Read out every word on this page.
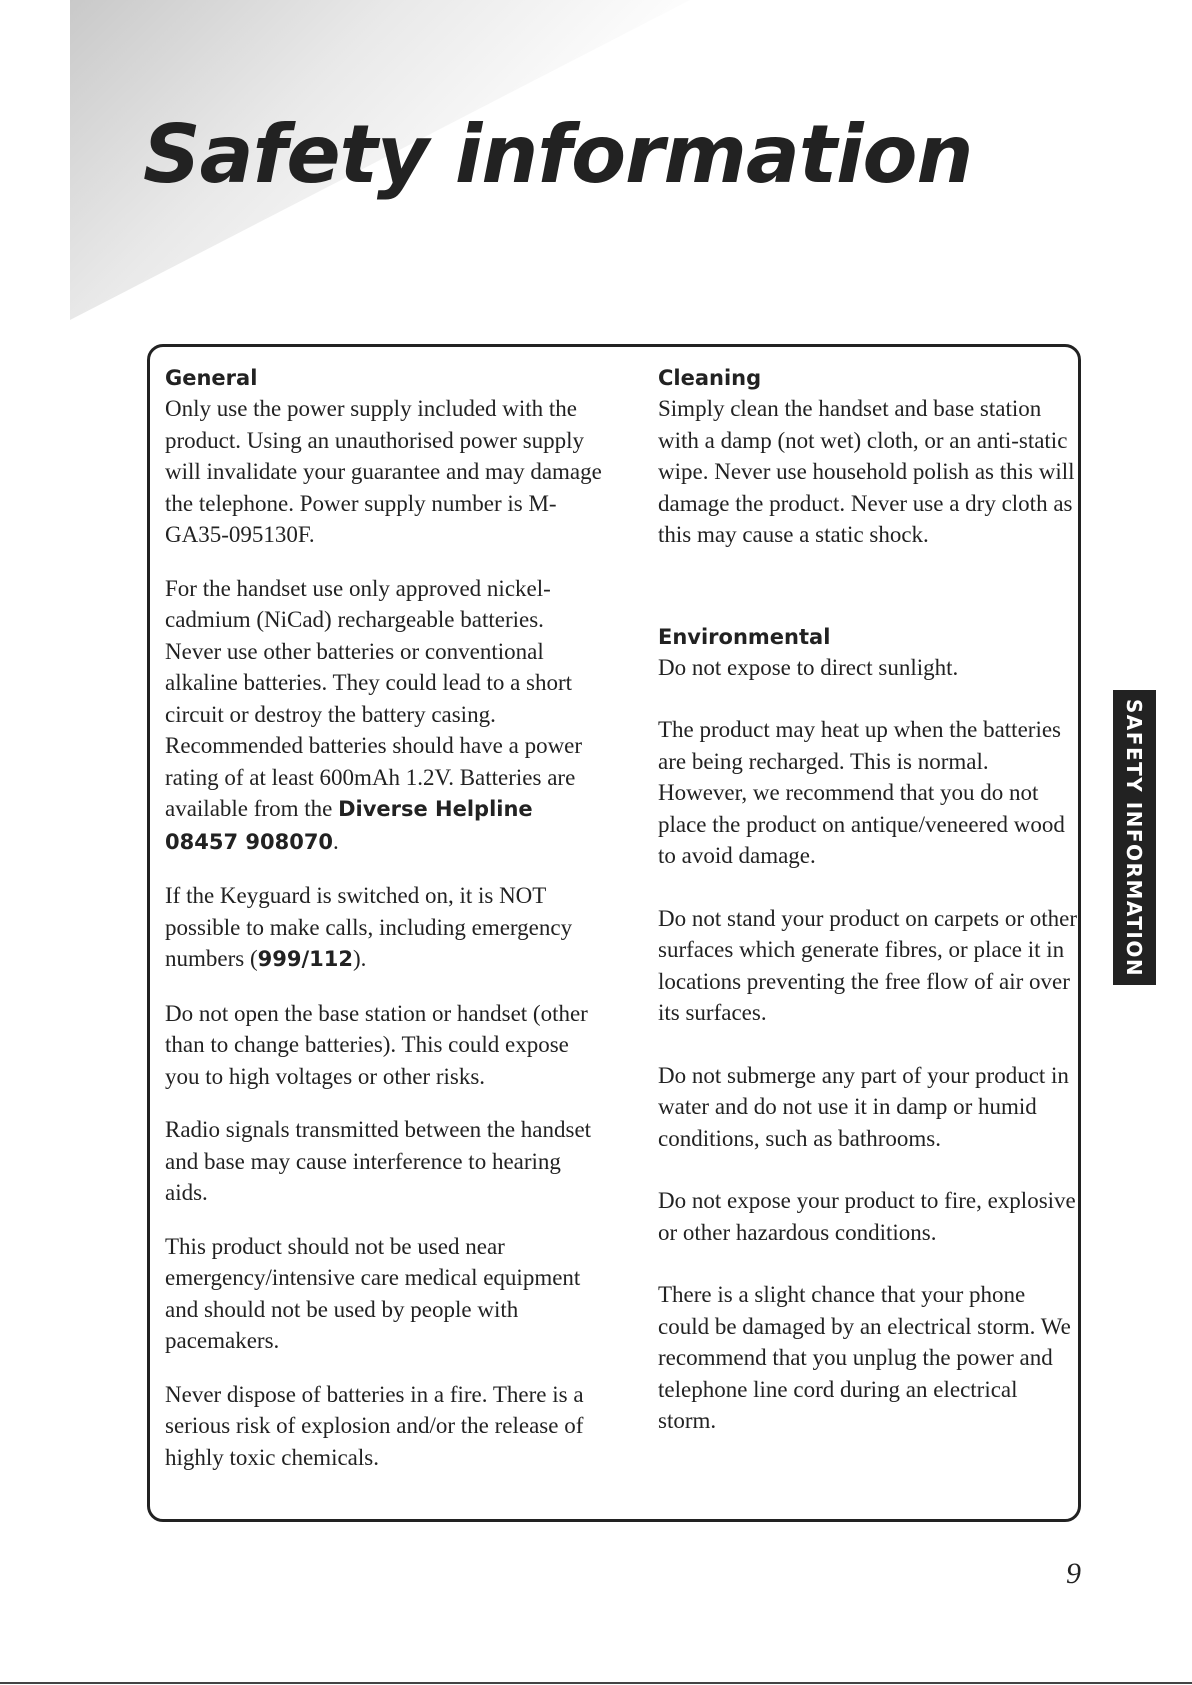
Safety information

General

Only use the power supply included with the product. Using an unauthorised power supply will invalidate your guarantee and may damage the telephone. Power supply number is M-GA35-095130F.

For the handset use only approved nickel-cadmium (NiCad) rechargeable batteries. Never use other batteries or conventional alkaline batteries. They could lead to a short circuit or destroy the battery casing. Recommended batteries should have a power rating of at least 600mAh 1.2V. Batteries are available from the Diverse Helpline 08457 908070.

If the Keyguard is switched on, it is NOT possible to make calls, including emergency numbers (999/112).

Do not open the base station or handset (other than to change batteries). This could expose you to high voltages or other risks.

Radio signals transmitted between the handset and base may cause interference to hearing aids.

This product should not be used near emergency/intensive care medical equipment and should not be used by people with pacemakers.

Never dispose of batteries in a fire. There is a serious risk of explosion and/or the release of highly toxic chemicals.

Cleaning

Simply clean the handset and base station with a damp (not wet) cloth, or an anti-static wipe. Never use household polish as this will damage the product. Never use a dry cloth as this may cause a static shock.

Environmental

Do not expose to direct sunlight.

The product may heat up when the batteries are being recharged. This is normal. However, we recommend that you do not place the product on antique/veneered wood to avoid damage.

Do not stand your product on carpets or other surfaces which generate fibres, or place it in locations preventing the free flow of air over its surfaces.

Do not submerge any part of your product in water and do not use it in damp or humid conditions, such as bathrooms.

Do not expose your product to fire, explosive or other hazardous conditions.

There is a slight chance that your phone could be damaged by an electrical storm. We recommend that you unplug the power and telephone line cord during an electrical storm.

SAFETY INFORMATION
9
